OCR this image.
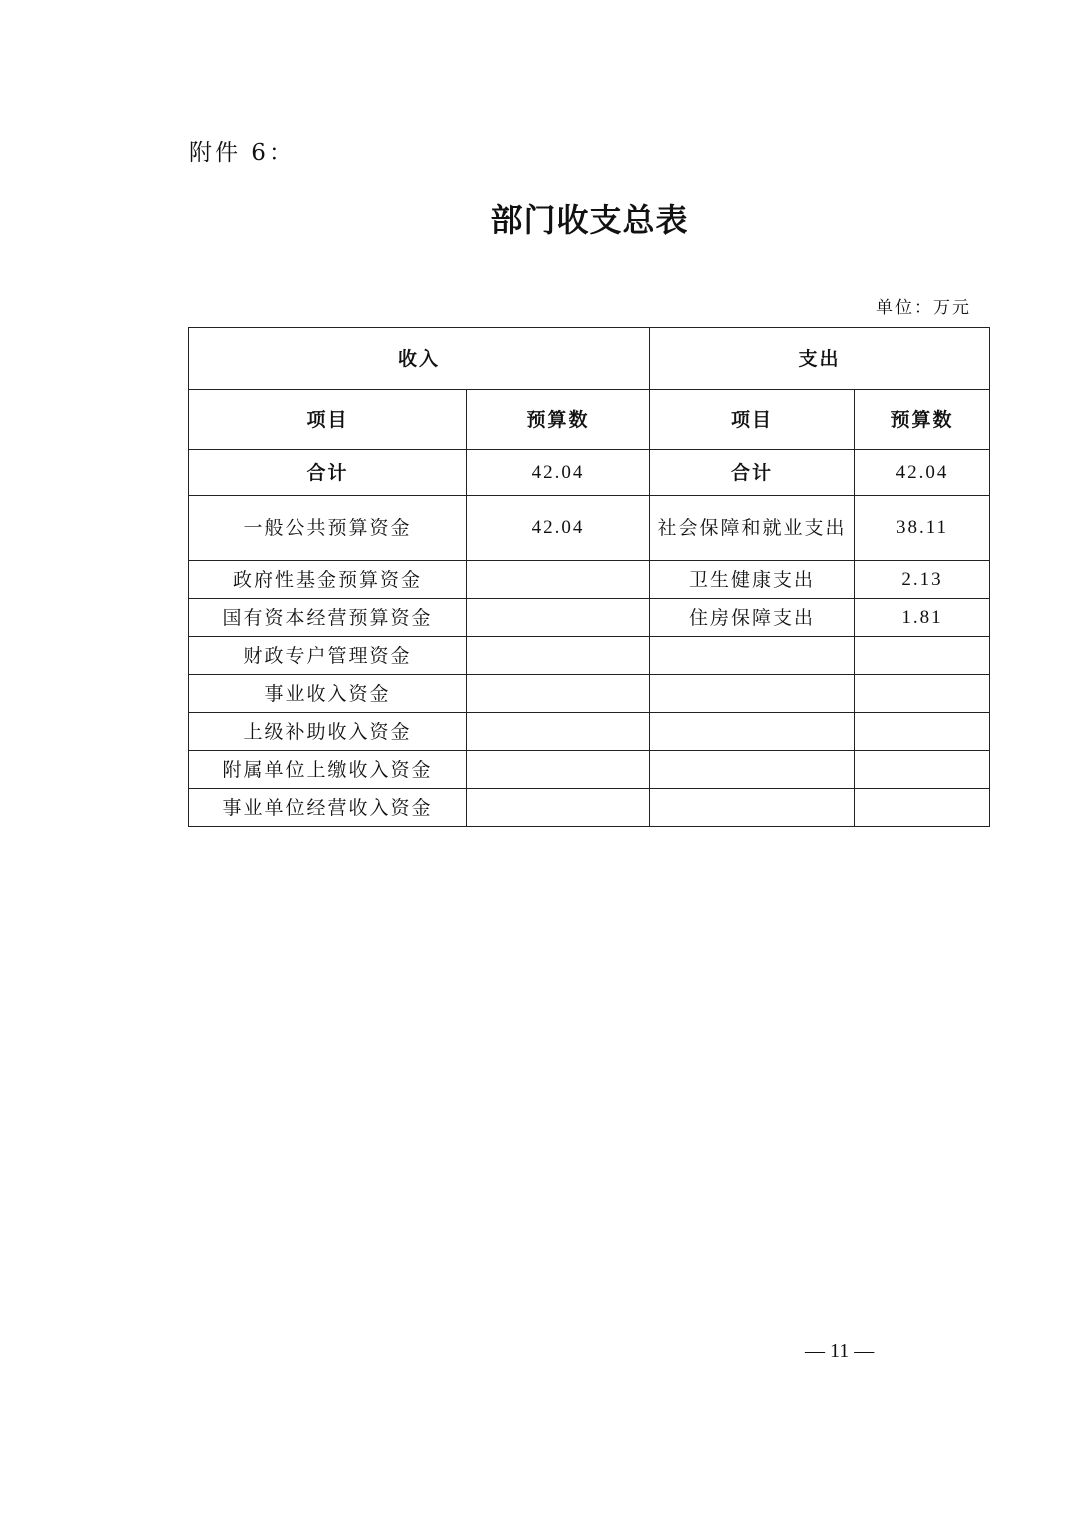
附件 6：
部门收支总表
单位：万元
收入		支出	
项目	预算数	项目	预算数
合计	42.04	合计	42.04
一般公共预算资金	42.04	社会保障和就业支出	38.11
政府性基金预算资金		卫生健康支出	2.13
国有资本经营预算资金		住房保障支出	1.81
财政专户管理资金			
事业收入资金			
上级补助收入资金			
附属单位上缴收入资金			
事业单位经营收入资金			
— 11 —
